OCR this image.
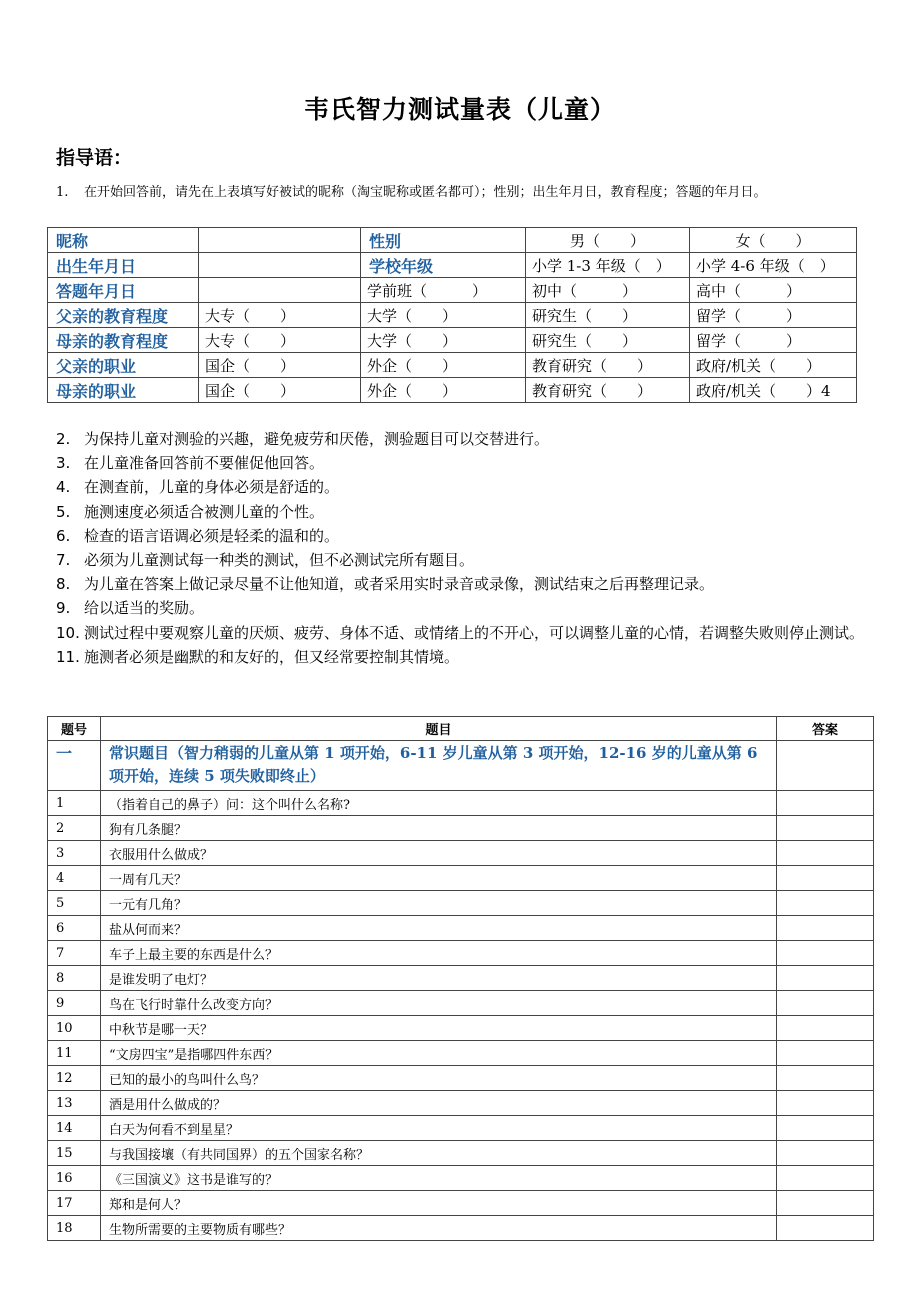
韦氏智力测试量表（儿童）
指导语：
1. 在开始回答前，请先在上表填写好被试的昵称（淘宝昵称或匿名都可）；性别；出生年月日，教育程度；答题的年月日。
昵称		性别	男（　　）	女（　　）
出生年月日		学校年级	小学 1-3 年级（　）	小学 4-6 年级（　）
答题年月日		学前班（　　　）	初中（　　　）	高中（　　　）
父亲的教育程度	大专（　　）	大学（　　）	研究生（　　）	留学（　　　）
母亲的教育程度	大专（　　）	大学（　　）	研究生（　　）	留学（　　　）
父亲的职业	国企（　　）	外企（　　）	教育研究（　　）	政府/机关（　　）
母亲的职业	国企（　　）	外企（　　）	教育研究（　　）	政府/机关（　　）4
2. 为保持儿童对测验的兴趣，避免疲劳和厌倦，测验题目可以交替进行。
3. 在儿童准备回答前不要催促他回答。
4. 在测查前，儿童的身体必须是舒适的。
5. 施测速度必须适合被测儿童的个性。
6. 检查的语言语调必须是轻柔的温和的。
7. 必须为儿童测试每一种类的测试，但不必测试完所有题目。
8. 为儿童在答案上做记录尽量不让他知道，或者采用实时录音或录像，测试结束之后再整理记录。
9. 给以适当的奖励。
10. 测试过程中要观察儿童的厌烦、疲劳、身体不适、或情绪上的不开心，可以调整儿童的心情，若调整失败则停止测试。
11. 施测者必须是幽默的和友好的，但又经常要控制其情境。
题号	题目	答案
一	常识题目（智力稍弱的儿童从第 1 项开始，6-11 岁儿童从第 3 项开始，12-16 岁的儿童从第 6 项开始，连续 5 项失败即终止）	
1	（指着自己的鼻子）问：这个叫什么名称?	
2	狗有几条腿？	
3	衣服用什么做成？	
4	一周有几天？	
5	一元有几角？	
6	盐从何而来？	
7	车子上最主要的东西是什么？	
8	是谁发明了电灯？	
9	鸟在飞行时靠什么改变方向？	
10	中秋节是哪一天？	
11	“文房四宝”是指哪四件东西？	
12	已知的最小的鸟叫什么鸟？	
13	酒是用什么做成的？	
14	白天为何看不到星星？	
15	与我国接壤（有共同国界）的五个国家名称？	
16	《三国演义》这书是谁写的？	
17	郑和是何人？	
18	生物所需要的主要物质有哪些？	
